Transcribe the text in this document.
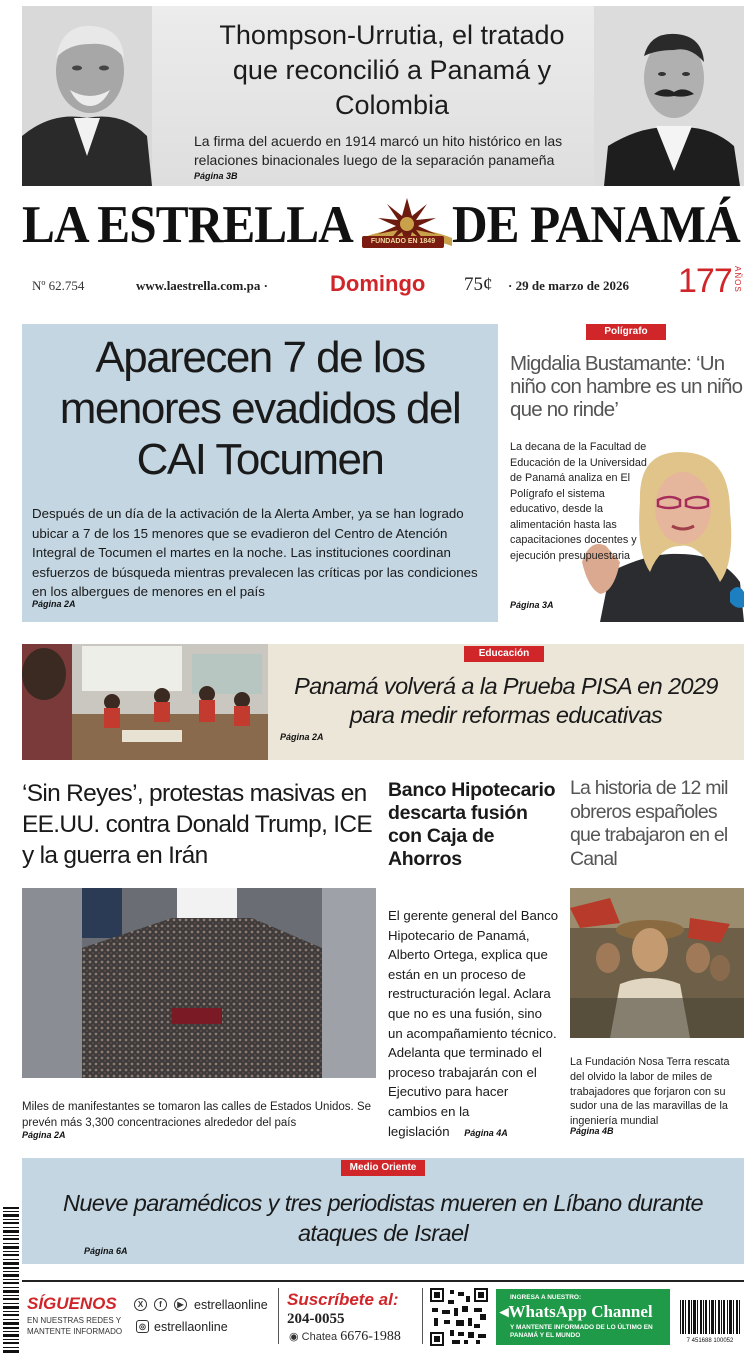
Thompson-Urrutia, el tratado que reconcilió a Panamá y Colombia
La firma del acuerdo en 1914 marcó un hito histórico en las relaciones binacionales luego de la separación panameña
Página 3B
LA ESTRELLA	FUNDADO EN 1849 DE PANAMÁ
Nº 62.754	www.laestrella.com.pa ·	Domingo 75¢ · 29 de marzo de 2026 177 AÑOS
Aparecen 7 de los menores evadidos del CAI Tocumen
Después de un día de la activación de la Alerta Amber, ya se han logrado ubicar a 7 de los 15 menores que se evadieron del Centro de Atención Integral de Tocumen el martes en la noche. Las instituciones coordinan esfuerzos de búsqueda mientras prevalecen las críticas por las condiciones en los albergues de menores en el país
Página 2A
Polígrafo
Migdalia Bustamante: ‘Un niño con hambre es un niño que no rinde’
La decana de la Facultad de Educación de la Universidad de Panamá analiza en El Polígrafo el sistema educativo, desde la alimentación hasta las capacitaciones docentes y ejecución presupuestaria
Página 3A
Educación
Panamá volverá a la Prueba PISA en 2029 para medir reformas educativas
Página 2A
‘Sin Reyes’, protestas masivas en EE.UU. contra Donald Trump, ICE y la guerra en Irán
Miles de manifestantes se tomaron las calles de Estados Unidos. Se prevén más 3,300 concentraciones alrededor del país
Página 2A
Banco Hipotecario descarta fusión con Caja de Ahorros
El gerente general del Banco Hipotecario de Panamá, Alberto Ortega, explica que están en un proceso de restructuración legal. Aclara que no es una fusión, sino un acompañamiento técnico. Adelanta que terminado el proceso trabajarán con el Ejecutivo para hacer cambios en la legislación Página 4A
La historia de 12 mil obreros españoles que trabajaron en el Canal
La Fundación Nosa Terra rescata del olvido la labor de miles de trabajadores que forjaron con su sudor una de las maravillas de la ingeniería mundial
Página 4B
Medio Oriente
Nueve paramédicos y tres periodistas mueren en Líbano durante ataques de Israel
Página 6A
SÍGUENOS
EN NUESTRAS REDES Y MANTENTE INFORMADO
X	f	▶ estrellaonline
◎ estrellaonline
Suscríbete al:
204-0055
◉ Chatea 6676-1988
INGRESA A NUESTRO:
◂WhatsApp Channel
Y MANTENTE INFORMADO DE LO ÚLTIMO EN PANAMÁ Y EL MUNDO
7 451688 100052
